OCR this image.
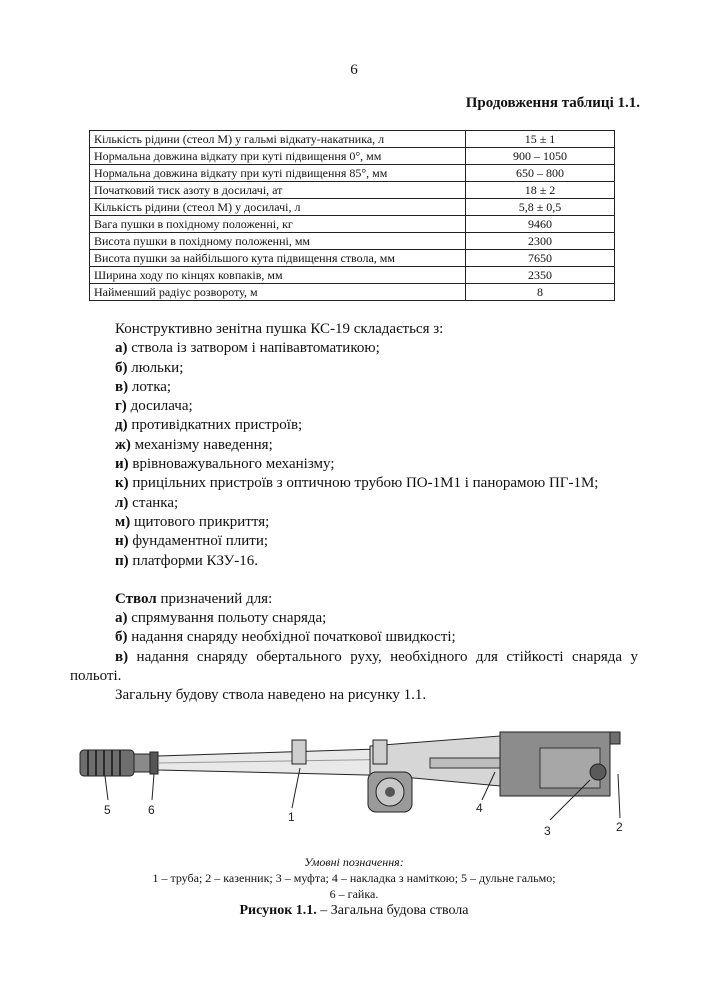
6
Продовження таблиці 1.1.
Кількість рідини (стеол М) у гальмі відкату-накатника, л	15 ± 1
Нормальна довжина відкату при куті підвищення 0°, мм	900 – 1050
Нормальна довжина відкату при куті підвищення 85°, мм	650 – 800
Початковий тиск азоту в досилачі, ат	18 ± 2
Кількість рідини (стеол М) у досилачі, л	5,8 ± 0,5
Вага пушки в похідному положенні, кг	9460
Висота пушки в похідному положенні, мм	2300
Висота пушки за найбільшого кута підвищення ствола, мм	7650
Ширина ходу по кінцях ковпаків, мм	2350
Найменший радіус розвороту, м	8

Конструктивно зенітна пушка КС-19 складається з:

а) ствола із затвором і напівавтоматикою;

б) люльки;

в) лотка;

г) досилача;

д) противідкатних пристроїв;

ж) механізму наведення;

и) врівноважувального механізму;

к) прицільних пристроїв з оптичною трубою ПО-1М1 і панорамою ПГ-1М;

л) станка;

м) щитового прикриття;

н) фундаментної плити;

п) платформи КЗУ-16.

Ствол призначений для:

а) спрямування польоту снаряда;

б) надання снаряду необхідної початкової швидкості;

в) надання снаряду обертального руху, необхідного для стійкості снаряда у польоті.

Загальну будову ствола наведено на рисунку 1.1.

5	6	1
4
3	2
Умовні позначення:
1 – труба; 2 – казенник; 3 – муфта; 4 – накладка з наміткою; 5 – дульне гальмо;
6 – гайка.
Рисунок 1.1. – Загальна будова ствола
